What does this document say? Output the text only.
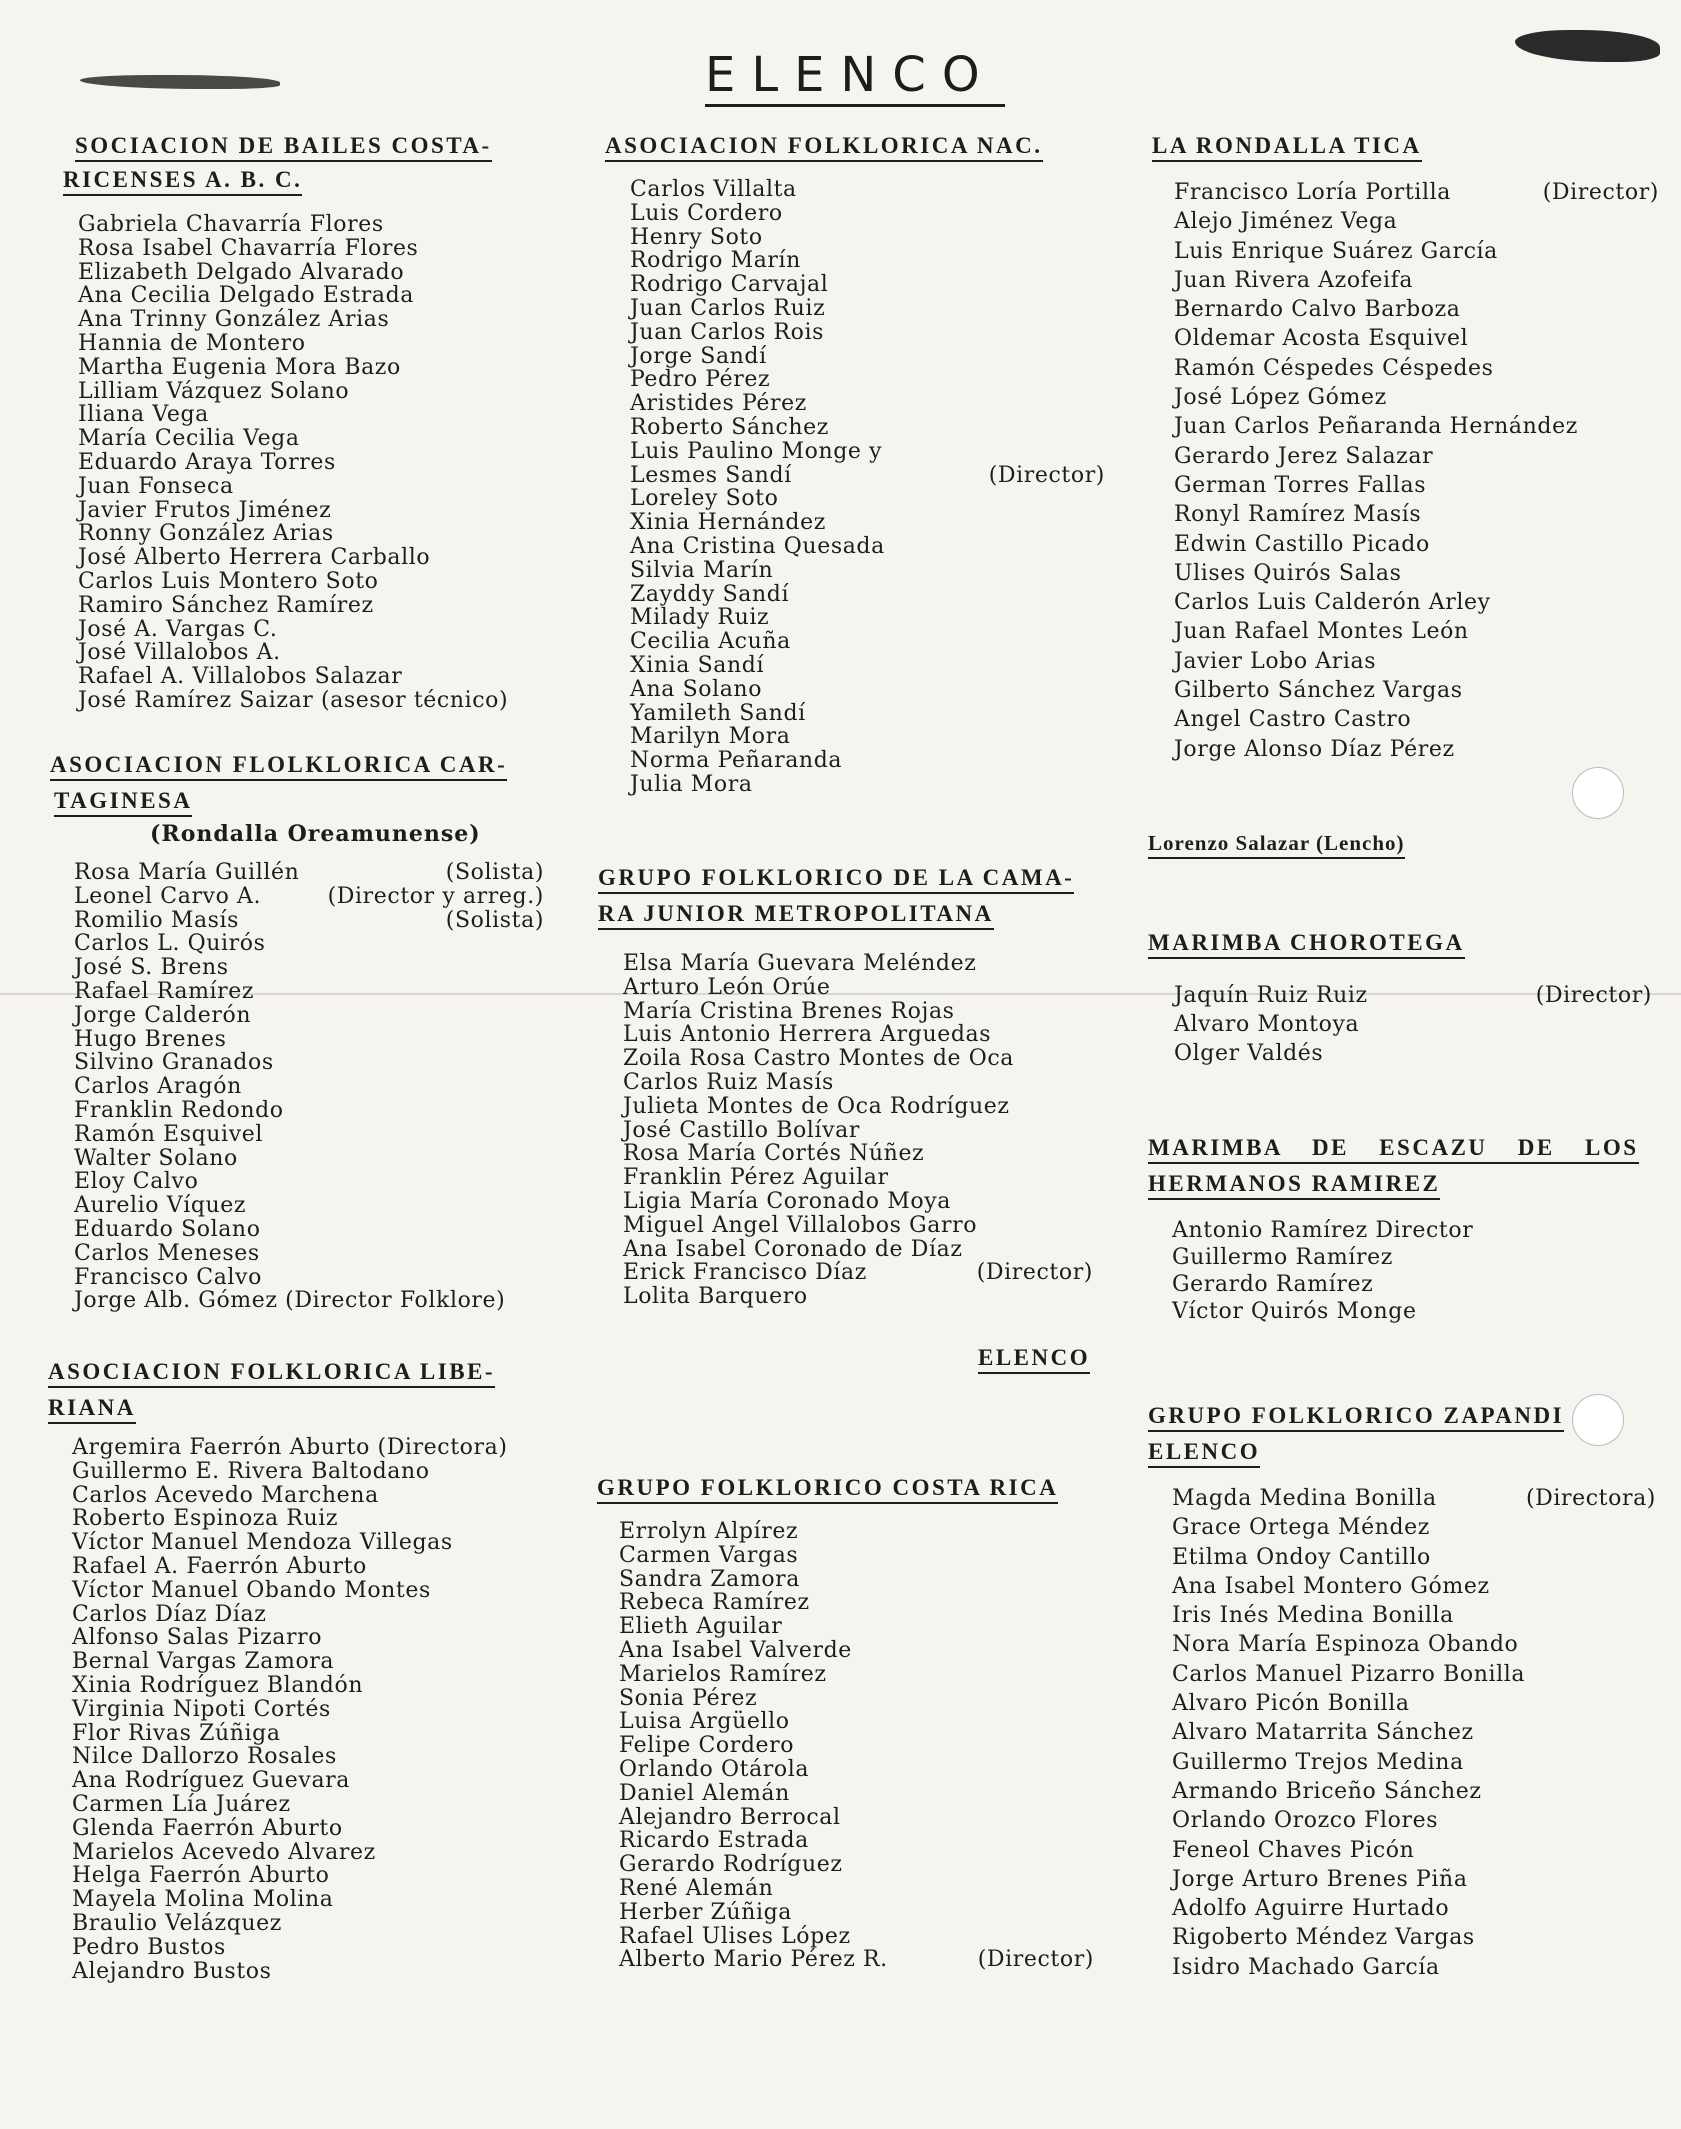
ELENCO
SOCIACION DE BAILES COSTA-
RICENSES A. B. C.
Gabriela Chavarría Flores
Rosa Isabel Chavarría Flores
Elizabeth Delgado Alvarado
Ana Cecilia Delgado Estrada
Ana Trinny González Arias
Hannia de Montero
Martha Eugenia Mora Bazo
Lilliam Vázquez Solano
Iliana Vega
María Cecilia Vega
Eduardo Araya Torres
Juan Fonseca
Javier Frutos Jiménez
Ronny González Arias
José Alberto Herrera Carballo
Carlos Luis Montero Soto
Ramiro Sánchez Ramírez
José A. Vargas C.
José Villalobos A.
Rafael A. Villalobos Salazar
José Ramírez Saizar (asesor técnico)
ASOCIACION FLOLKLORICA CAR-
TAGINESA
(Rondalla Oreamunense)
Rosa María Guillén	(Solista)
Leonel Carvo A.	(Director y arreg.)
Romilio Masís	(Solista)
Carlos L. Quirós
José S. Brens
Rafael Ramírez
Jorge Calderón
Hugo Brenes
Silvino Granados
Carlos Aragón
Franklin Redondo
Ramón Esquivel
Walter Solano
Eloy Calvo
Aurelio Víquez
Eduardo Solano
Carlos Meneses
Francisco Calvo
Jorge Alb. Gómez (Director Folklore)
ASOCIACION FOLKLORICA LIBE-
RIANA
Argemira Faerrón Aburto (Directora)
Guillermo E. Rivera Baltodano
Carlos Acevedo Marchena
Roberto Espinoza Ruiz
Víctor Manuel Mendoza Villegas
Rafael A. Faerrón Aburto
Víctor Manuel Obando Montes
Carlos Díaz Díaz
Alfonso Salas Pizarro
Bernal Vargas Zamora
Xinia Rodríguez Blandón
Virginia Nipoti Cortés
Flor Rivas Zúñiga
Nilce Dallorzo Rosales
Ana Rodríguez Guevara
Carmen Lía Juárez
Glenda Faerrón Aburto
Marielos Acevedo Alvarez
Helga Faerrón Aburto
Mayela Molina Molina
Braulio Velázquez
Pedro Bustos
Alejandro Bustos
ASOCIACION FOLKLORICA NAC.
Carlos Villalta
Luis Cordero
Henry Soto
Rodrigo Marín
Rodrigo Carvajal
Juan Carlos Ruiz
Juan Carlos Rois
Jorge Sandí
Pedro Pérez
Aristides Pérez
Roberto Sánchez
Luis Paulino Monge y
Lesmes Sandí	(Director)
Loreley Soto
Xinia Hernández
Ana Cristina Quesada
Silvia Marín
Zayddy Sandí
Milady Ruiz
Cecilia Acuña
Xinia Sandí
Ana Solano
Yamileth Sandí
Marilyn Mora
Norma Peñaranda
Julia Mora
GRUPO FOLKLORICO DE LA CAMA-
RA JUNIOR METROPOLITANA
Elsa María Guevara Meléndez
Arturo León Orúe
María Cristina Brenes Rojas
Luis Antonio Herrera Arguedas
Zoila Rosa Castro Montes de Oca
Carlos Ruiz Masís
Julieta Montes de Oca Rodríguez
José Castillo Bolívar
Rosa María Cortés Núñez
Franklin Pérez Aguilar
Ligia María Coronado Moya
Miguel Angel Villalobos Garro
Ana Isabel Coronado de Díaz
Erick Francisco Díaz	(Director)
Lolita Barquero
ELENCO
GRUPO FOLKLORICO COSTA RICA
Errolyn Alpírez
Carmen Vargas
Sandra Zamora
Rebeca Ramírez
Elieth Aguilar
Ana Isabel Valverde
Marielos Ramírez
Sonia Pérez
Luisa Argüello
Felipe Cordero
Orlando Otárola
Daniel Alemán
Alejandro Berrocal
Ricardo Estrada
Gerardo Rodríguez
René Alemán
Herber Zúñiga
Rafael Ulises López
Alberto Mario Pérez R.	(Director)
LA RONDALLA TICA
Francisco Loría Portilla	(Director)
Alejo Jiménez Vega
Luis Enrique Suárez García
Juan Rivera Azofeifa
Bernardo Calvo Barboza
Oldemar Acosta Esquivel
Ramón Céspedes Céspedes
José López Gómez
Juan Carlos Peñaranda Hernández
Gerardo Jerez Salazar
German Torres Fallas
Ronyl Ramírez Masís
Edwin Castillo Picado
Ulises Quirós Salas
Carlos Luis Calderón Arley
Juan Rafael Montes León
Javier Lobo Arias
Gilberto Sánchez Vargas
Angel Castro Castro
Jorge Alonso Díaz Pérez
Lorenzo Salazar (Lencho)
MARIMBA CHOROTEGA
Jaquín Ruiz Ruiz	(Director)
Alvaro Montoya
Olger Valdés
MARIMBA DE ESCAZU DE LOS
HERMANOS RAMIREZ
Antonio Ramírez Director
Guillermo Ramírez
Gerardo Ramírez
Víctor Quirós Monge
GRUPO FOLKLORICO ZAPANDI
ELENCO
Magda Medina Bonilla	(Directora)
Grace Ortega Méndez
Etilma Ondoy Cantillo
Ana Isabel Montero Gómez
Iris Inés Medina Bonilla
Nora María Espinoza Obando
Carlos Manuel Pizarro Bonilla
Alvaro Picón Bonilla
Alvaro Matarrita Sánchez
Guillermo Trejos Medina
Armando Briceño Sánchez
Orlando Orozco Flores
Feneol Chaves Picón
Jorge Arturo Brenes Piña
Adolfo Aguirre Hurtado
Rigoberto Méndez Vargas
Isidro Machado García
